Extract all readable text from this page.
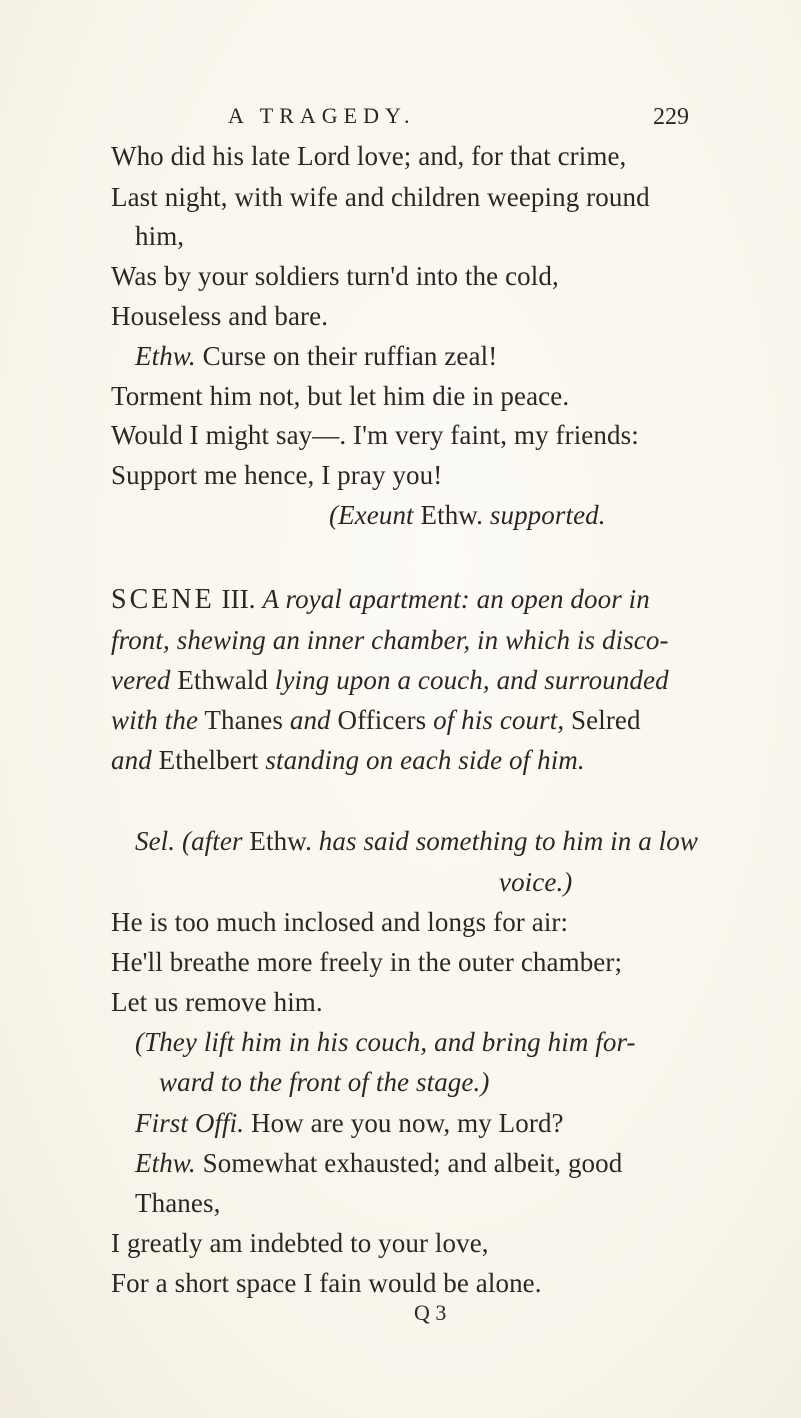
A TRAGEDY.	229
Who did his late Lord love; and, for that crime,
Last night, with wife and children weeping round
him,
Was by your soldiers turn'd into the cold,
Houseless and bare.
Ethw. Curse on their ruffian zeal!
Torment him not, but let him die in peace.
Would I might say—. I'm very faint, my friends:
Support me hence, I pray you!
(Exeunt Ethw. supported.
SCENE III. A royal apartment: an open door in
front, shewing an inner chamber, in which is disco-
vered Ethwald lying upon a couch, and surrounded
with the Thanes and Officers of his court, Selred
and Ethelbert standing on each side of him.
Sel. (after Ethw. has said something to him in a low
voice.)
He is too much inclosed and longs for air:
He'll breathe more freely in the outer chamber;
Let us remove him.
(They lift him in his couch, and bring him for-
ward to the front of the stage.)
First Offi. How are you now, my Lord?
Ethw. Somewhat exhausted; and albeit, good
Thanes,
I greatly am indebted to your love,
For a short space I fain would be alone.
Q 3
